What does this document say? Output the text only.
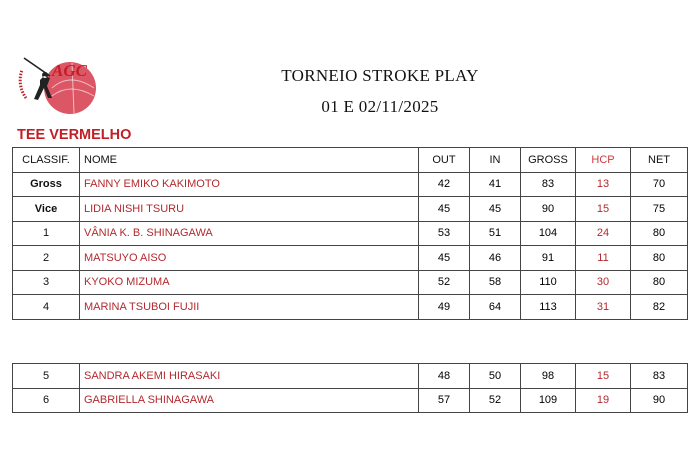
AGC	TORNEIO STROKE PLAY
01 E 02/11/2025
TEE VERMELHO
CLASSIF.	NOME	OUT	IN	GROSS	HCP	NET
Gross	FANNY EMIKO KAKIMOTO	42	41	83	13	70
Vice	LIDIA NISHI TSURU	45	45	90	15	75
1	VÂNIA K. B. SHINAGAWA	53	51	104	24	80
2	MATSUYO AISO	45	46	91	11	80
3	KYOKO MIZUMA	52	58	110	30	80
4	MARINA TSUBOI FUJII	49	64	113	31	82
5	SANDRA AKEMI HIRASAKI	48	50	98	15	83
6	GABRIELLA SHINAGAWA	57	52	109	19	90
